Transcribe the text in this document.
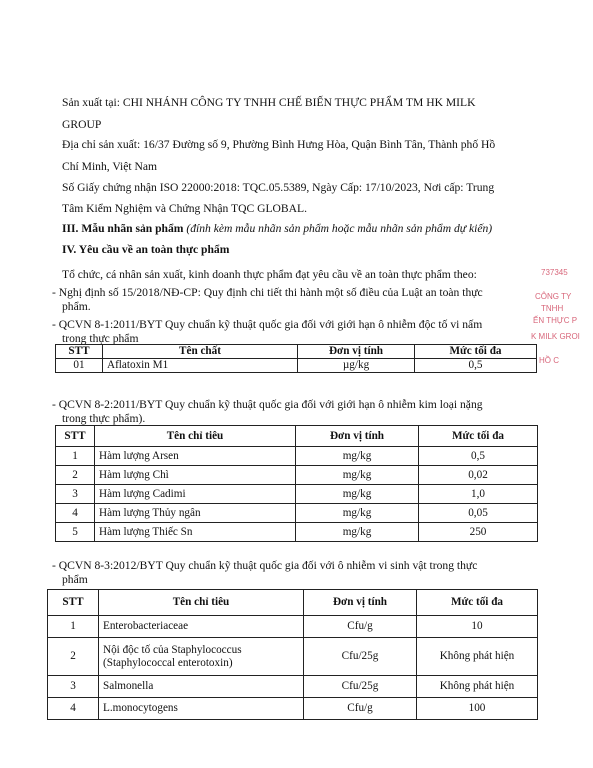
Sản xuất tại: CHI NHÁNH CÔNG TY TNHH CHẾ BIẾN THỰC PHẨM TM HK MILK
GROUP
Địa chỉ sản xuất: 16/37 Đường số 9, Phường Bình Hưng Hòa, Quận Bình Tân, Thành phố Hồ
Chí Minh, Việt Nam
Số Giấy chứng nhận ISO 22000:2018: TQC.05.5389, Ngày Cấp: 17/10/2023, Nơi cấp: Trung
Tâm Kiểm Nghiệm và Chứng Nhận TQC GLOBAL.
III. Mẫu nhãn sản phẩm (đính kèm mẫu nhãn sản phẩm hoặc mẫu nhãn sản phẩm dự kiến)
IV. Yêu cầu về an toàn thực phẩm
Tổ chức, cá nhân sản xuất, kinh doanh thực phẩm đạt yêu cầu về an toàn thực phẩm theo:
- Nghị định số 15/2018/NĐ-CP: Quy định chi tiết thi hành một số điều của Luật an toàn thực
phẩm.
- QCVN 8-1:2011/BYT Quy chuẩn kỹ thuật quốc gia đối với giới hạn ô nhiễm độc tố vi nấm
trong thực phẩm
STT	Tên chất	Đơn vị tính	Mức tối đa
01	Aflatoxin M1	µg/kg	0,5
- QCVN 8-2:2011/BYT Quy chuẩn kỹ thuật quốc gia đối với giới hạn ô nhiễm kim loại nặng
trong thực phẩm).
STT	Tên chỉ tiêu	Đơn vị tính	Mức tối đa
1	Hàm lượng Arsen	mg/kg	0,5
2	Hàm lượng Chì	mg/kg	0,02
3	Hàm lượng Cadimi	mg/kg	1,0
4	Hàm lượng Thủy ngân	mg/kg	0,05
5	Hàm lượng Thiếc Sn	mg/kg	250
- QCVN 8-3:2012/BYT Quy chuẩn kỹ thuật quốc gia đối với ô nhiễm vi sinh vật trong thực
phẩm
STT	Tên chỉ tiêu	Đơn vị tính	Mức tối đa
1	Enterobacteriaceae	Cfu/g	10
2	Nội độc tố của Staphylococcus
(Staphylococcal enterotoxin)	Cfu/25g	Không phát hiện
3	Salmonella	Cfu/25g	Không phát hiện
4	L.monocytogens	Cfu/g	100
737345
CÔNG TY
TNHH
ẾN THỰC P
K MILK GROI
HỒ C
